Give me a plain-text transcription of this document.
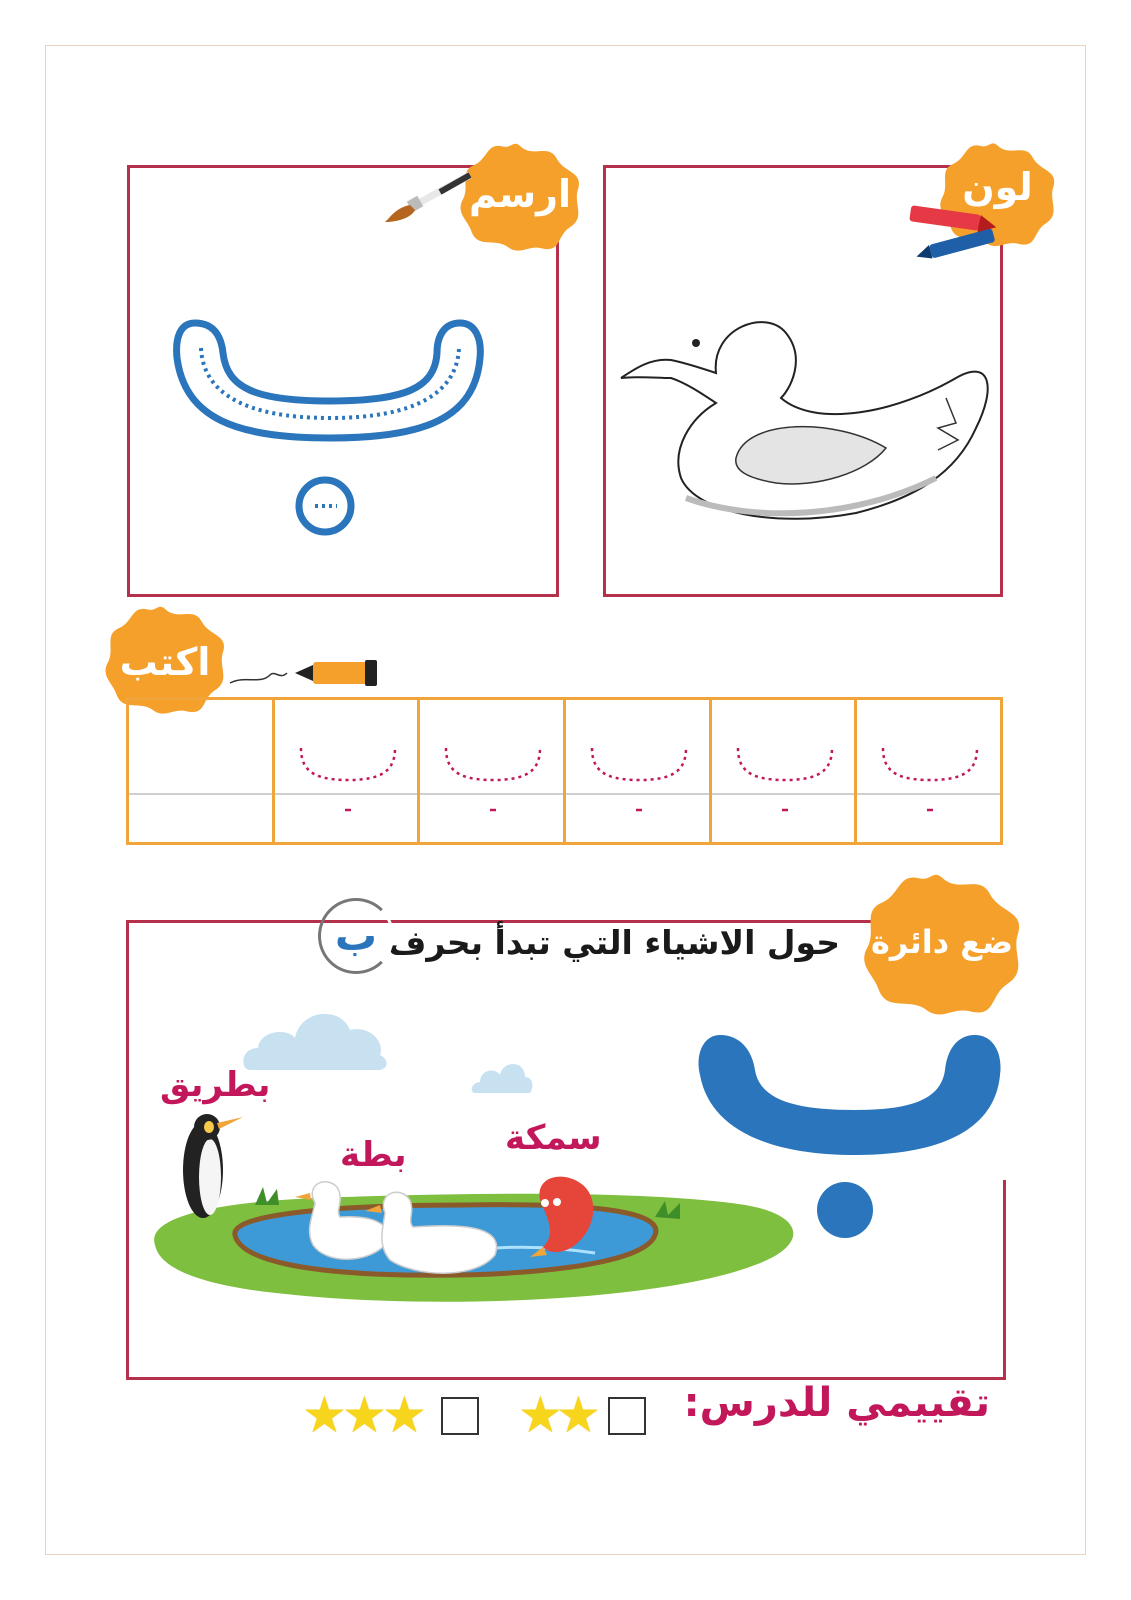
لون
ارسم
اكتب
ضع دائرة
حول الاشياء التي تبدأ بحرف
ب
بطريق
بطة	سمكة
تقييمي للدرس:
★
★
★
★
★
